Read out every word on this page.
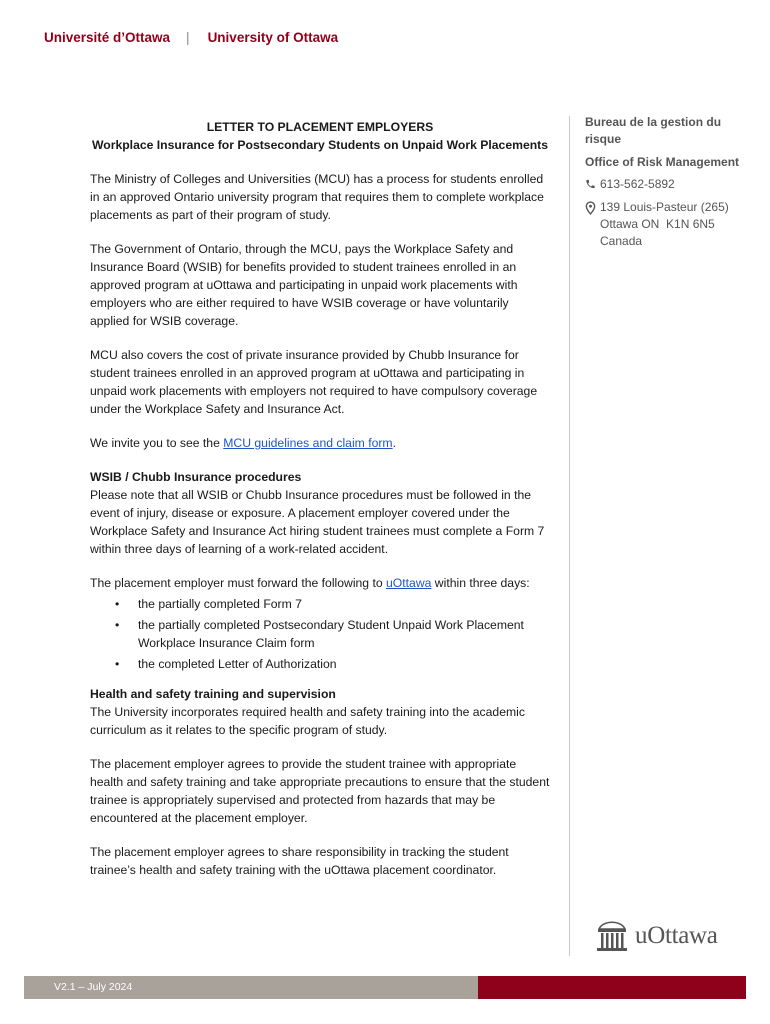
Université d’Ottawa | University of Ottawa
LETTER TO PLACEMENT EMPLOYERS
Workplace Insurance for Postsecondary Students on Unpaid Work Placements
The Ministry of Colleges and Universities (MCU) has a process for students enrolled in an approved Ontario university program that requires them to complete workplace placements as part of their program of study.
The Government of Ontario, through the MCU, pays the Workplace Safety and Insurance Board (WSIB) for benefits provided to student trainees enrolled in an approved program at uOttawa and participating in unpaid work placements with employers who are either required to have WSIB coverage or have voluntarily applied for WSIB coverage.
MCU also covers the cost of private insurance provided by Chubb Insurance for student trainees enrolled in an approved program at uOttawa and participating in unpaid work placements with employers not required to have compulsory coverage under the Workplace Safety and Insurance Act.
We invite you to see the MCU guidelines and claim form.
WSIB / Chubb Insurance procedures
Please note that all WSIB or Chubb Insurance procedures must be followed in the event of injury, disease or exposure. A placement employer covered under the Workplace Safety and Insurance Act hiring student trainees must complete a Form 7 within three days of learning of a work-related accident.
The placement employer must forward the following to uOttawa within three days:
• the partially completed Form 7
• the partially completed Postsecondary Student Unpaid Work Placement Workplace Insurance Claim form
• the completed Letter of Authorization
Health and safety training and supervision
The University incorporates required health and safety training into the academic curriculum as it relates to the specific program of study.
The placement employer agrees to provide the student trainee with appropriate health and safety training and take appropriate precautions to ensure that the student trainee is appropriately supervised and protected from hazards that may be encountered at the placement employer.
The placement employer agrees to share responsibility in tracking the student trainee’s health and safety training with the uOttawa placement coordinator.
Bureau de la gestion du risque
Office of Risk Management
613-562-5892
139 Louis-Pasteur (265)
Ottawa ON  K1N 6N5
Canada
uOttawa
V2.1 – July 2024
